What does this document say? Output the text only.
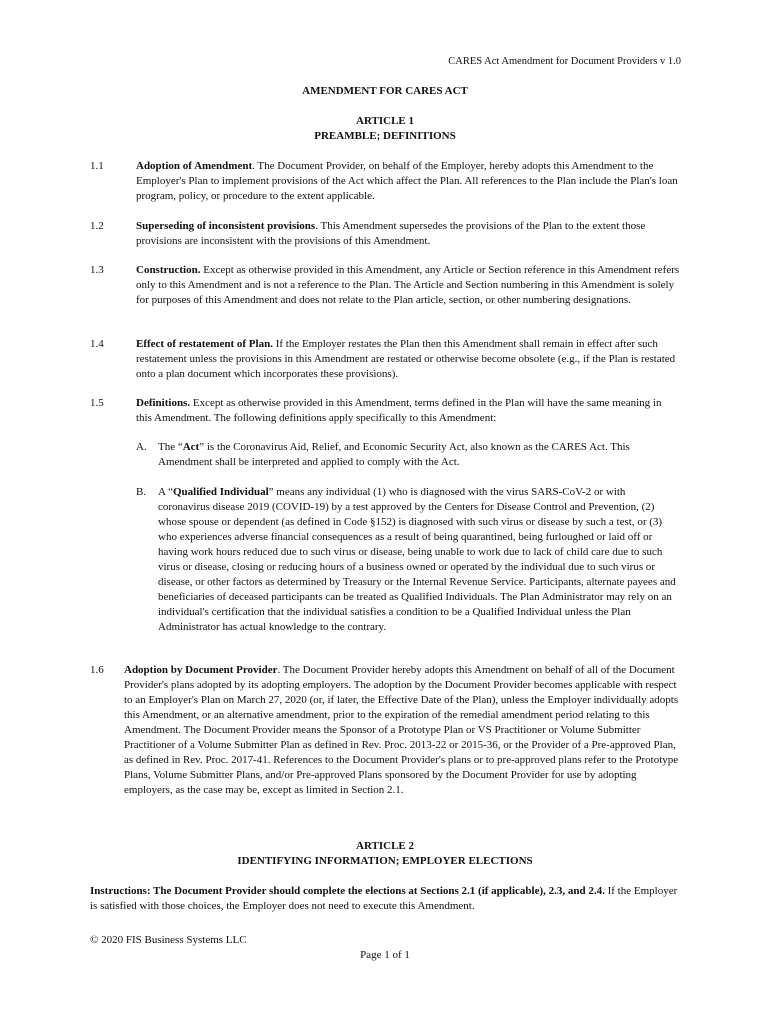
CARES Act Amendment for Document Providers v 1.0
AMENDMENT FOR CARES ACT
ARTICLE 1
PREAMBLE; DEFINITIONS
1.1	Adoption of Amendment. The Document Provider, on behalf of the Employer, hereby adopts this Amendment to the Employer's Plan to implement provisions of the Act which affect the Plan. All references to the Plan include the Plan's loan program, policy, or procedure to the extent applicable.
1.2	Superseding of inconsistent provisions. This Amendment supersedes the provisions of the Plan to the extent those provisions are inconsistent with the provisions of this Amendment.
1.3	Construction. Except as otherwise provided in this Amendment, any Article or Section reference in this Amendment refers only to this Amendment and is not a reference to the Plan. The Article and Section numbering in this Amendment is solely for purposes of this Amendment and does not relate to the Plan article, section, or other numbering designations.
1.4	Effect of restatement of Plan. If the Employer restates the Plan then this Amendment shall remain in effect after such restatement unless the provisions in this Amendment are restated or otherwise become obsolete (e.g., if the Plan is restated onto a plan document which incorporates these provisions).
1.5	Definitions. Except as otherwise provided in this Amendment, terms defined in the Plan will have the same meaning in this Amendment. The following definitions apply specifically to this Amendment:
A. The “Act” is the Coronavirus Aid, Relief, and Economic Security Act, also known as the CARES Act. This Amendment shall be interpreted and applied to comply with the Act.
B. A “Qualified Individual” means any individual (1) who is diagnosed with the virus SARS-CoV-2 or with coronavirus disease 2019 (COVID-19) by a test approved by the Centers for Disease Control and Prevention, (2) whose spouse or dependent (as defined in Code §152) is diagnosed with such virus or disease by such a test, or (3) who experiences adverse financial consequences as a result of being quarantined, being furloughed or laid off or having work hours reduced due to such virus or disease, being unable to work due to lack of child care due to such virus or disease, closing or reducing hours of a business owned or operated by the individual due to such virus or disease, or other factors as determined by Treasury or the Internal Revenue Service. Participants, alternate payees and beneficiaries of deceased participants can be treated as Qualified Individuals. The Plan Administrator may rely on an individual's certification that the individual satisfies a condition to be a Qualified Individual unless the Plan Administrator has actual knowledge to the contrary.
1.6 Adoption by Document Provider. The Document Provider hereby adopts this Amendment on behalf of all of the Document Provider's plans adopted by its adopting employers. The adoption by the Document Provider becomes applicable with respect to an Employer's Plan on March 27, 2020 (or, if later, the Effective Date of the Plan), unless the Employer individually adopts this Amendment, or an alternative amendment, prior to the expiration of the remedial amendment period relating to this Amendment. The Document Provider means the Sponsor of a Prototype Plan or VS Practitioner or Volume Submitter Practitioner of a Volume Submitter Plan as defined in Rev. Proc. 2013-22 or 2015-36, or the Provider of a Pre-approved Plan, as defined in Rev. Proc. 2017-41. References to the Document Provider's plans or to pre-approved plans refer to the Prototype Plans, Volume Submitter Plans, and/or Pre-approved Plans sponsored by the Document Provider for use by adopting employers, as the case may be, except as limited in Section 2.1.
ARTICLE 2
IDENTIFYING INFORMATION; EMPLOYER ELECTIONS
Instructions: The Document Provider should complete the elections at Sections 2.1 (if applicable), 2.3, and 2.4. If the Employer is satisfied with those choices, the Employer does not need to execute this Amendment.
© 2020 FIS Business Systems LLC
Page 1 of 1
